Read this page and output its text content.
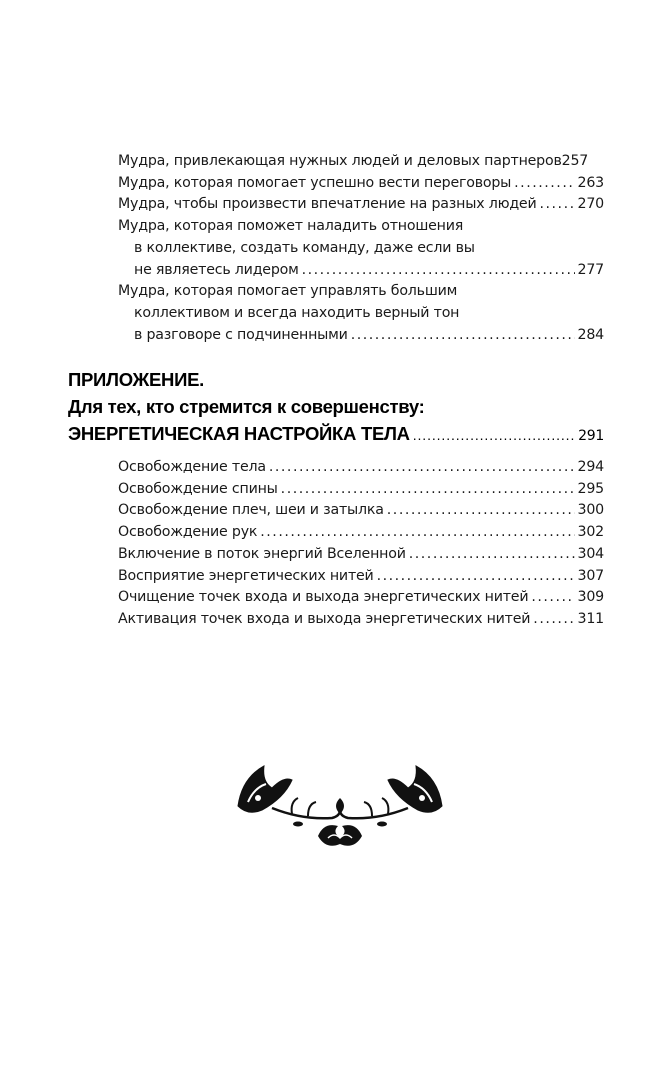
Мудра, привлекающая нужных людей и деловых партнеров 257
Мудра, которая помогает успешно вести переговоры . . .	263
Мудра, чтобы произвести впечатление на разных людей . . .	270
Мудра, которая поможет наладить отношения
в коллективе, создать команду, даже если вы
не являетесь лидером . . .	277
Мудра, которая помогает управлять большим
коллективом и всегда находить верный тон
в разговоре с подчиненными . . .	284
ПРИЛОЖЕНИЕ.
Для тех, кто стремится к совершенству:
ЭНЕРГЕТИЧЕСКАЯ НАСТРОЙКА ТЕЛА . . .	291
Освобождение тела . . .	294
Освобождение спины . . .	295
Освобождение плеч, шеи и затылка . . .	300
Освобождение рук . . .	302
Включение в поток энергий Вселенной . . .	304
Восприятие энергетических нитей . . .	307
Очищение точек входа и выхода энергетических нитей . . .	309
Активация точек входа и выхода энергетических нитей . . .	311
